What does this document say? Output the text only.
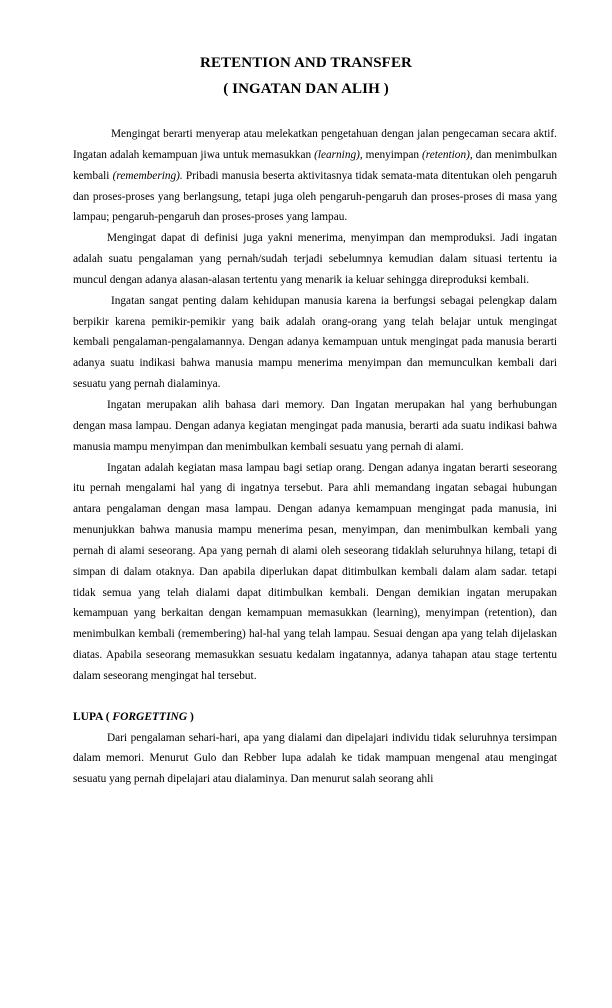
RETENTION AND TRANSFER
( INGATAN DAN ALIH )

Mengingat berarti menyerap atau melekatkan pengetahuan dengan jalan pengecaman secara aktif. Ingatan adalah kemampuan jiwa untuk memasukkan (learning), menyimpan (retention), dan menimbulkan kembali (remembering). Pribadi manusia beserta aktivitasnya tidak semata-mata ditentukan oleh pengaruh dan proses-proses yang berlangsung, tetapi juga oleh pengaruh-pengaruh dan proses-proses di masa yang lampau; pengaruh-pengaruh dan proses-proses yang lampau.

Mengingat dapat di definisi juga yakni menerima, menyimpan dan memproduksi. Jadi ingatan adalah suatu pengalaman yang pernah/sudah terjadi sebelumnya kemudian dalam situasi tertentu ia muncul dengan adanya alasan-alasan tertentu yang menarik ia keluar sehingga direproduksi kembali.

Ingatan sangat penting dalam kehidupan manusia karena ia berfungsi sebagai pelengkap dalam berpikir karena pemikir-pemikir yang baik adalah orang-orang yang telah belajar untuk mengingat kembali pengalaman-pengalamannya. Dengan adanya kemampuan untuk mengingat pada manusia berarti adanya suatu indikasi bahwa manusia mampu menerima menyimpan dan memunculkan kembali dari sesuatu yang pernah dialaminya.

Ingatan merupakan alih bahasa dari memory. Dan Ingatan merupakan hal yang berhubungan dengan masa lampau. Dengan adanya kegiatan mengingat pada manusia, berarti ada suatu indikasi bahwa manusia mampu menyimpan dan menimbulkan kembali sesuatu yang pernah di alami.

Ingatan adalah kegiatan masa lampau bagi setiap orang. Dengan adanya ingatan berarti seseorang itu pernah mengalami hal yang di ingatnya tersebut. Para ahli memandang ingatan sebagai hubungan antara pengalaman dengan masa lampau. Dengan adanya kemampuan mengingat pada manusia, ini menunjukkan bahwa manusia mampu menerima pesan, menyimpan, dan menimbulkan kembali yang pernah di alami seseorang. Apa yang pernah di alami oleh seseorang tidaklah seluruhnya hilang, tetapi di simpan di dalam otaknya. Dan apabila diperlukan dapat ditimbulkan kembali dalam alam sadar. tetapi tidak semua yang telah dialami dapat ditimbulkan kembali. Dengan demikian ingatan merupakan kemampuan yang berkaitan dengan kemampuan memasukkan (learning), menyimpan (retention), dan menimbulkan kembali (remembering) hal-hal yang telah lampau. Sesuai dengan apa yang telah dijelaskan diatas. Apabila seseorang memasukkan sesuatu kedalam ingatannya, adanya tahapan atau stage tertentu dalam seseorang mengingat hal tersebut.

LUPA ( FORGETTING )

Dari pengalaman sehari-hari, apa yang dialami dan dipelajari individu tidak seluruhnya tersimpan dalam memori. Menurut Gulo dan Rebber lupa adalah ke tidak mampuan mengenal atau mengingat sesuatu yang pernah dipelajari atau dialaminya. Dan menurut salah seorang ahli
